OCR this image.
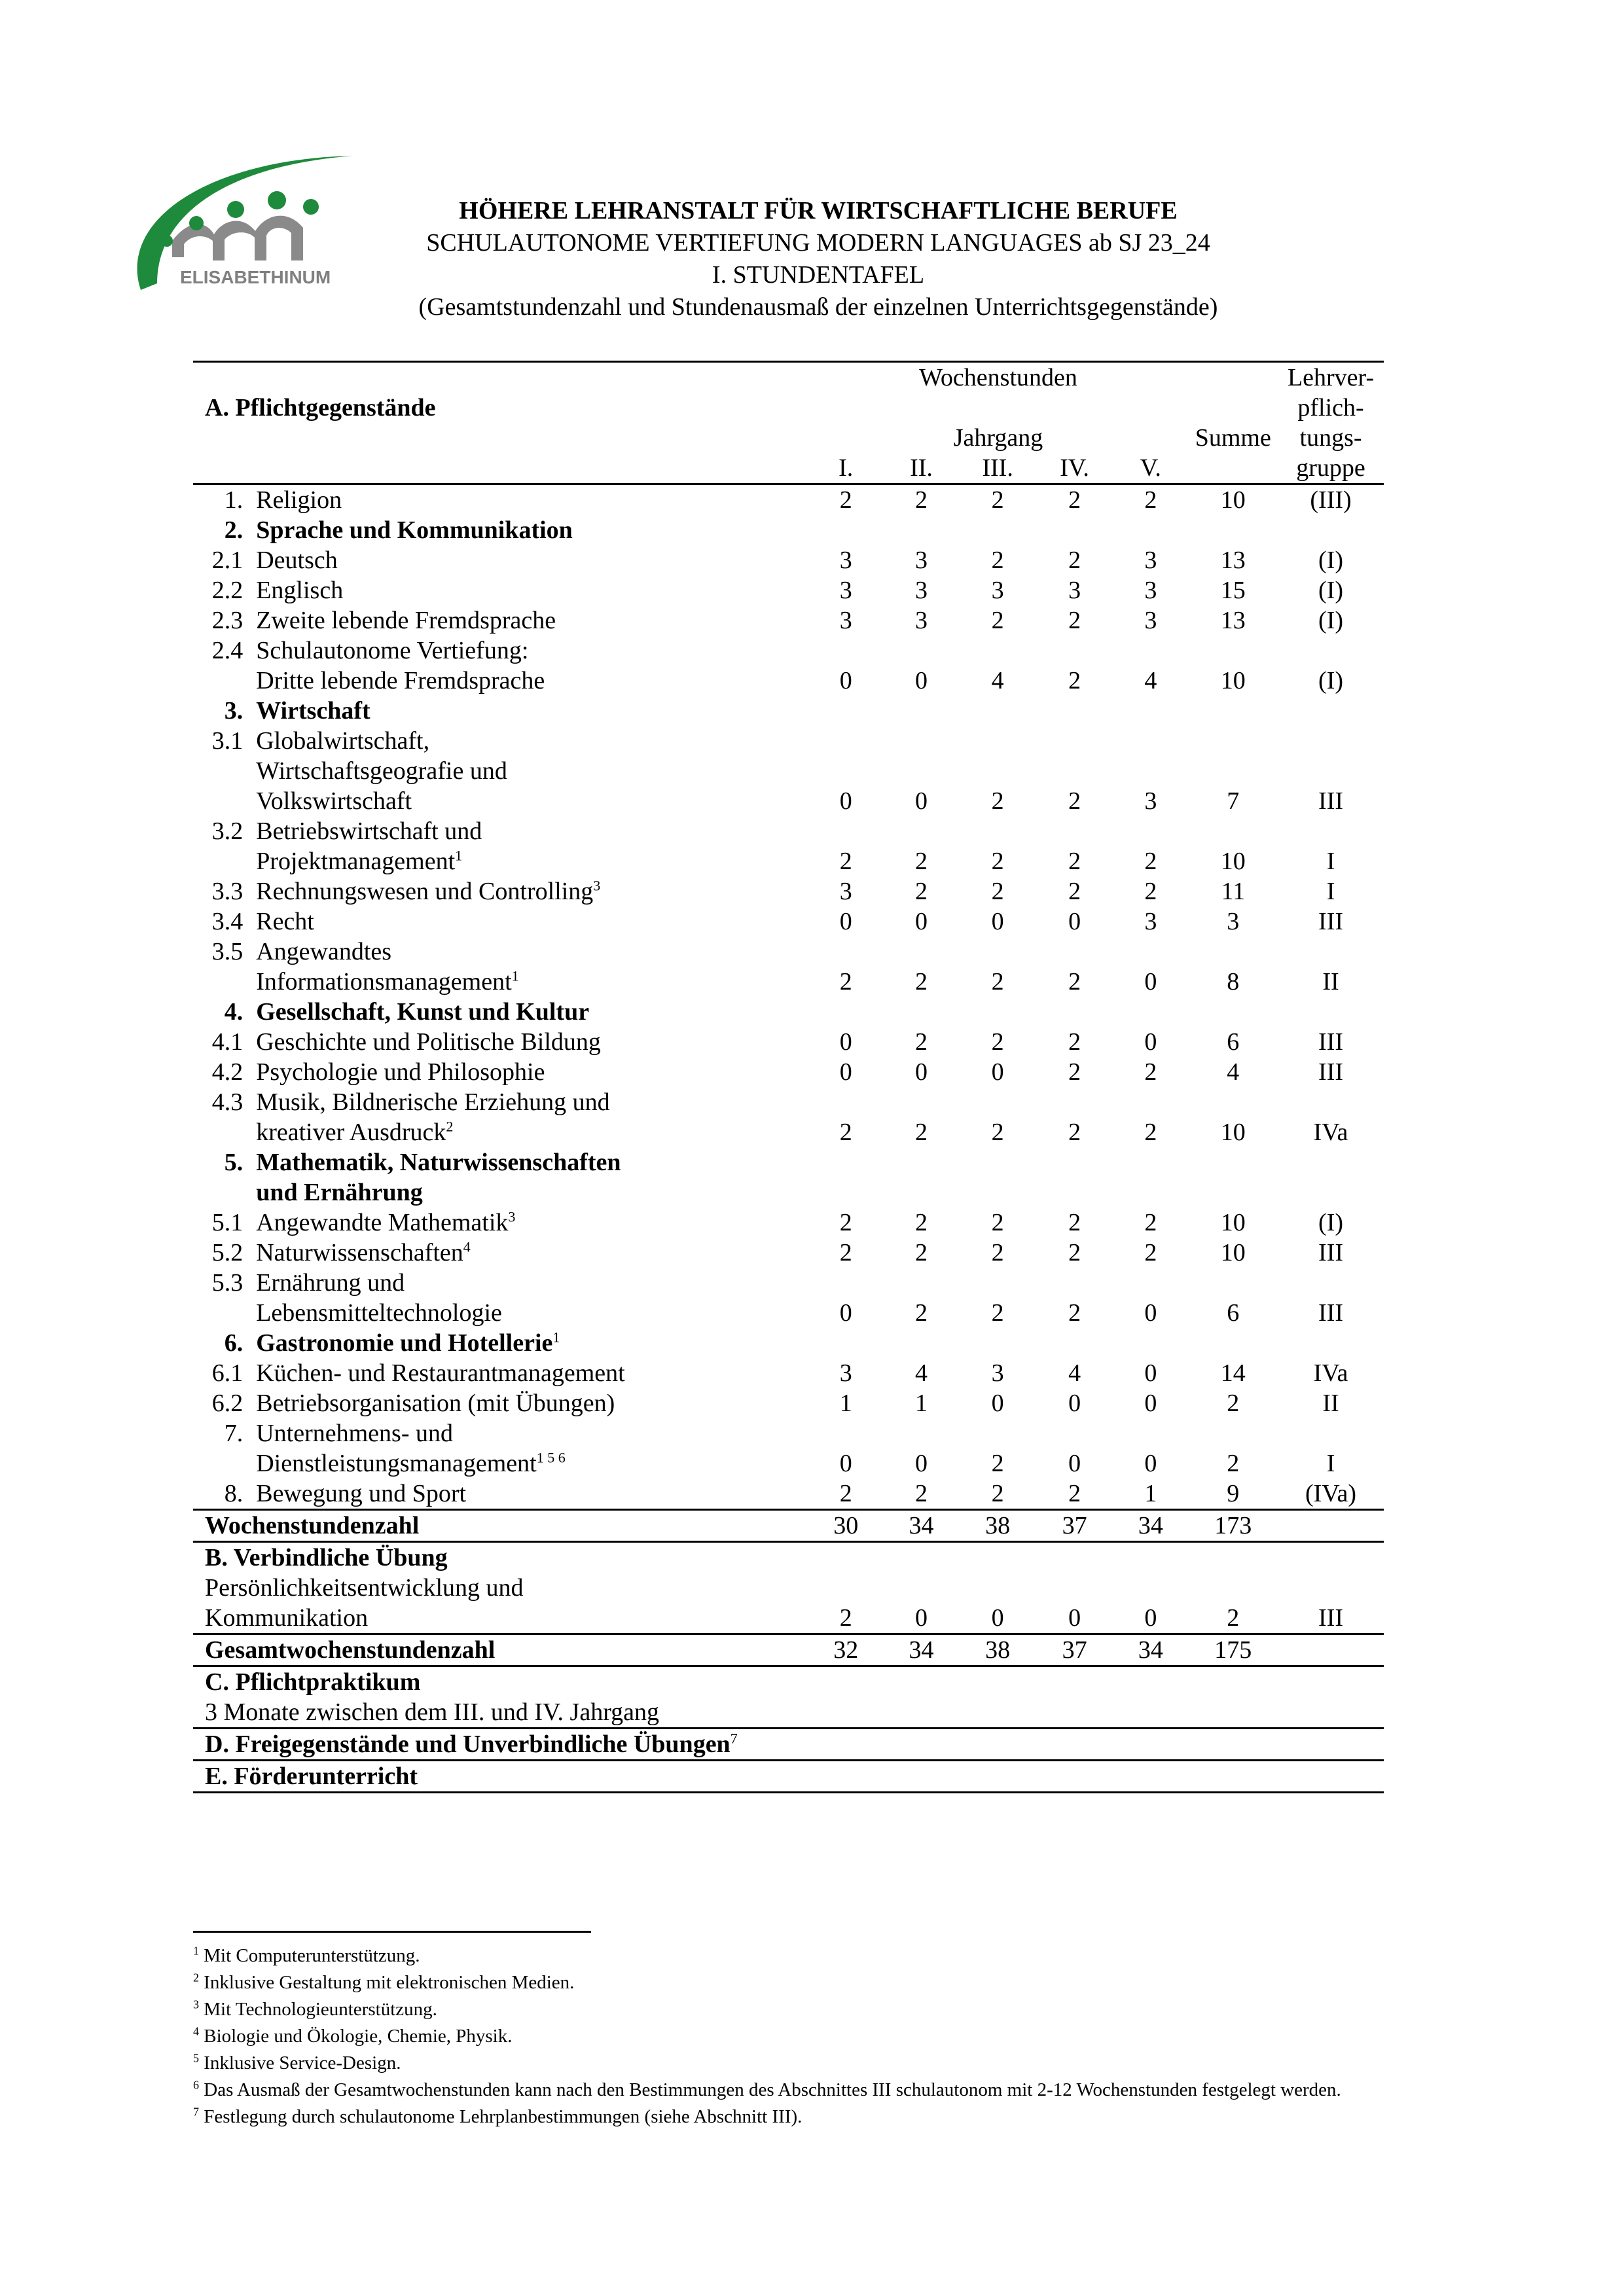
ELISABETHINUM
HÖHERE LEHRANSTALT FÜR WIRTSCHAFTLICHE BERUFE
SCHULAUTONOME VERTIEFUNG MODERN LANGUAGES ab SJ 23_24
I. STUNDENTAFEL
(Gesamtstundenzahl und Stundenausmaß der einzelnen Unterrichtsgegenstände)
		Wochenstunden						Lehrver-
A. Pflichtgegenstände								pflich-
		Jahrgang					Summe	tungs-
		I.	II.	III.	IV.	V.		gruppe
1.	Religion	2	2	2	2	2	10	(III)
2.	Sprache und Kommunikation							
2.1	Deutsch	3	3	2	2	3	13	(I)
2.2	Englisch	3	3	3	3	3	15	(I)
2.3	Zweite lebende Fremdsprache	3	3	2	2	3	13	(I)
2.4	Schulautonome Vertiefung:							
	Dritte lebende Fremdsprache	0	0	4	2	4	10	(I)
3.	Wirtschaft							
3.1	Globalwirtschaft,							
	Wirtschaftsgeografie und							
	Volkswirtschaft	0	0	2	2	3	7	III
3.2	Betriebswirtschaft und							
	Projektmanagement$^1$	2	2	2	2	2	10	I
3.3	Rechnungswesen und Controlling$^3$	3	2	2	2	2	11	I
3.4	Recht	0	0	0	0	3	3	III
3.5	Angewandtes							
	Informationsmanagement$^1$	2	2	2	2	0	8	II
4.	Gesellschaft, Kunst und Kultur							
4.1	Geschichte und Politische Bildung	0	2	2	2	0	6	III
4.2	Psychologie und Philosophie	0	0	0	2	2	4	III
4.3	Musik, Bildnerische Erziehung und							
	kreativer Ausdruck$^2$	2	2	2	2	2	10	IVa
5.	Mathematik, Naturwissenschaften							
	und Ernährung							
5.1	Angewandte Mathematik$^3$	2	2	2	2	2	10	(I)
5.2	Naturwissenschaften$^4$	2	2	2	2	2	10	III
5.3	Ernährung und							
	Lebensmitteltechnologie	0	2	2	2	0	6	III
6.	Gastronomie und Hotellerie$^1$							
6.1	Küchen- und Restaurantmanagement	3	4	3	4	0	14	IVa
6.2	Betriebsorganisation (mit Übungen)	1	1	0	0	0	2	II
7.	Unternehmens- und							
	Dienstleistungsmanagement$^{1 5 6}$	0	0	2	0	0	2	I
8.	Bewegung und Sport	2	2	2	2	1	9	(IVa)
Wochenstundenzahl		30	34	38	37	34	173	
B. Verbindliche Übung								
Persönlichkeitsentwicklung und								
Kommunikation		2	0	0	0	0	2	III
Gesamtwochenstundenzahl		32	34	38	37	34	175	
C. Pflichtpraktikum								
3 Monate zwischen dem III. und IV. Jahrgang								
D. Freigegenstände und Unverbindliche Übungen$^7$
E. Förderunterricht								
$^1$ Mit Computerunterstützung.
$^2$ Inklusive Gestaltung mit elektronischen Medien.
$^3$ Mit Technologieunterstützung.
$^4$ Biologie und Ökologie, Chemie, Physik.
$^5$ Inklusive Service-Design.
$^6$ Das Ausmaß der Gesamtwochenstunden kann nach den Bestimmungen des Abschnittes III schulautonom mit 2-12 Wochenstunden festgelegt werden.
$^7$ Festlegung durch schulautonome Lehrplanbestimmungen (siehe Abschnitt III).
